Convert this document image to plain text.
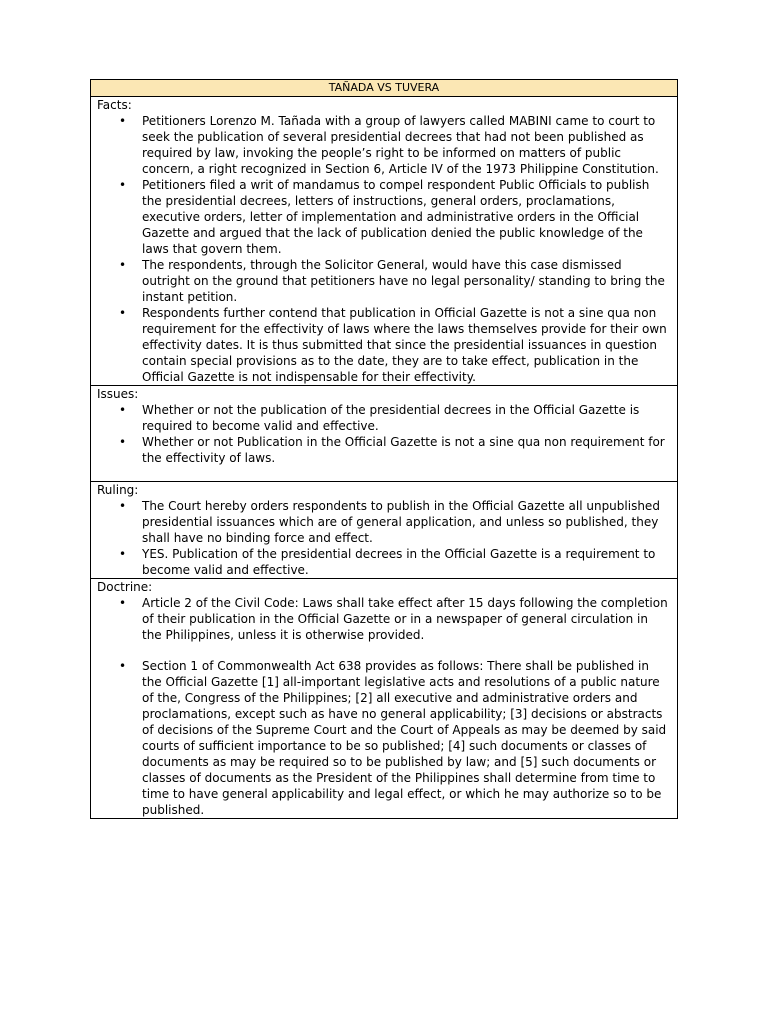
TAÑADA VS TUVERA

Facts:
• Petitioners Lorenzo M. Tañada with a group of lawyers called MABINI came to court to seek the publication of several presidential decrees that had not been published as required by law, invoking the people’s right to be informed on matters of public concern, a right recognized in Section 6, Article IV of the 1973 Philippine Constitution.
• Petitioners filed a writ of mandamus to compel respondent Public Officials to publish the presidential decrees, letters of instructions, general orders, proclamations, executive orders, letter of implementation and administrative orders in the Official Gazette and argued that the lack of publication denied the public knowledge of the laws that govern them.
• The respondents, through the Solicitor General, would have this case dismissed outright on the ground that petitioners have no legal personality/ standing to bring the instant petition.
• Respondents further contend that publication in Official Gazette is not a sine qua non requirement for the effectivity of laws where the laws themselves provide for their own effectivity dates. It is thus submitted that since the presidential issuances in question contain special provisions as to the date, they are to take effect, publication in the Official Gazette is not indispensable for their effectivity.

Issues:
• Whether or not the publication of the presidential decrees in the Official Gazette is required to become valid and effective.
• Whether or not Publication in the Official Gazette is not a sine qua non requirement for the effectivity of laws.

Ruling:
• The Court hereby orders respondents to publish in the Official Gazette all unpublished presidential issuances which are of general application, and unless so published, they shall have no binding force and effect.
• YES. Publication of the presidential decrees in the Official Gazette is a requirement to become valid and effective.

Doctrine:
• Article 2 of the Civil Code: Laws shall take effect after 15 days following the completion of their publication in the Official Gazette or in a newspaper of general circulation in the Philippines, unless it is otherwise provided.
• Section 1 of Commonwealth Act 638 provides as follows: There shall be published in the Official Gazette [1] all-important legislative acts and resolutions of a public nature of the, Congress of the Philippines; [2] all executive and administrative orders and proclamations, except such as have no general applicability; [3] decisions or abstracts of decisions of the Supreme Court and the Court of Appeals as may be deemed by said courts of sufficient importance to be so published; [4] such documents or classes of documents as may be required so to be published by law; and [5] such documents or classes of documents as the President of the Philippines shall determine from time to time to have general applicability and legal effect, or which he may authorize so to be published.
